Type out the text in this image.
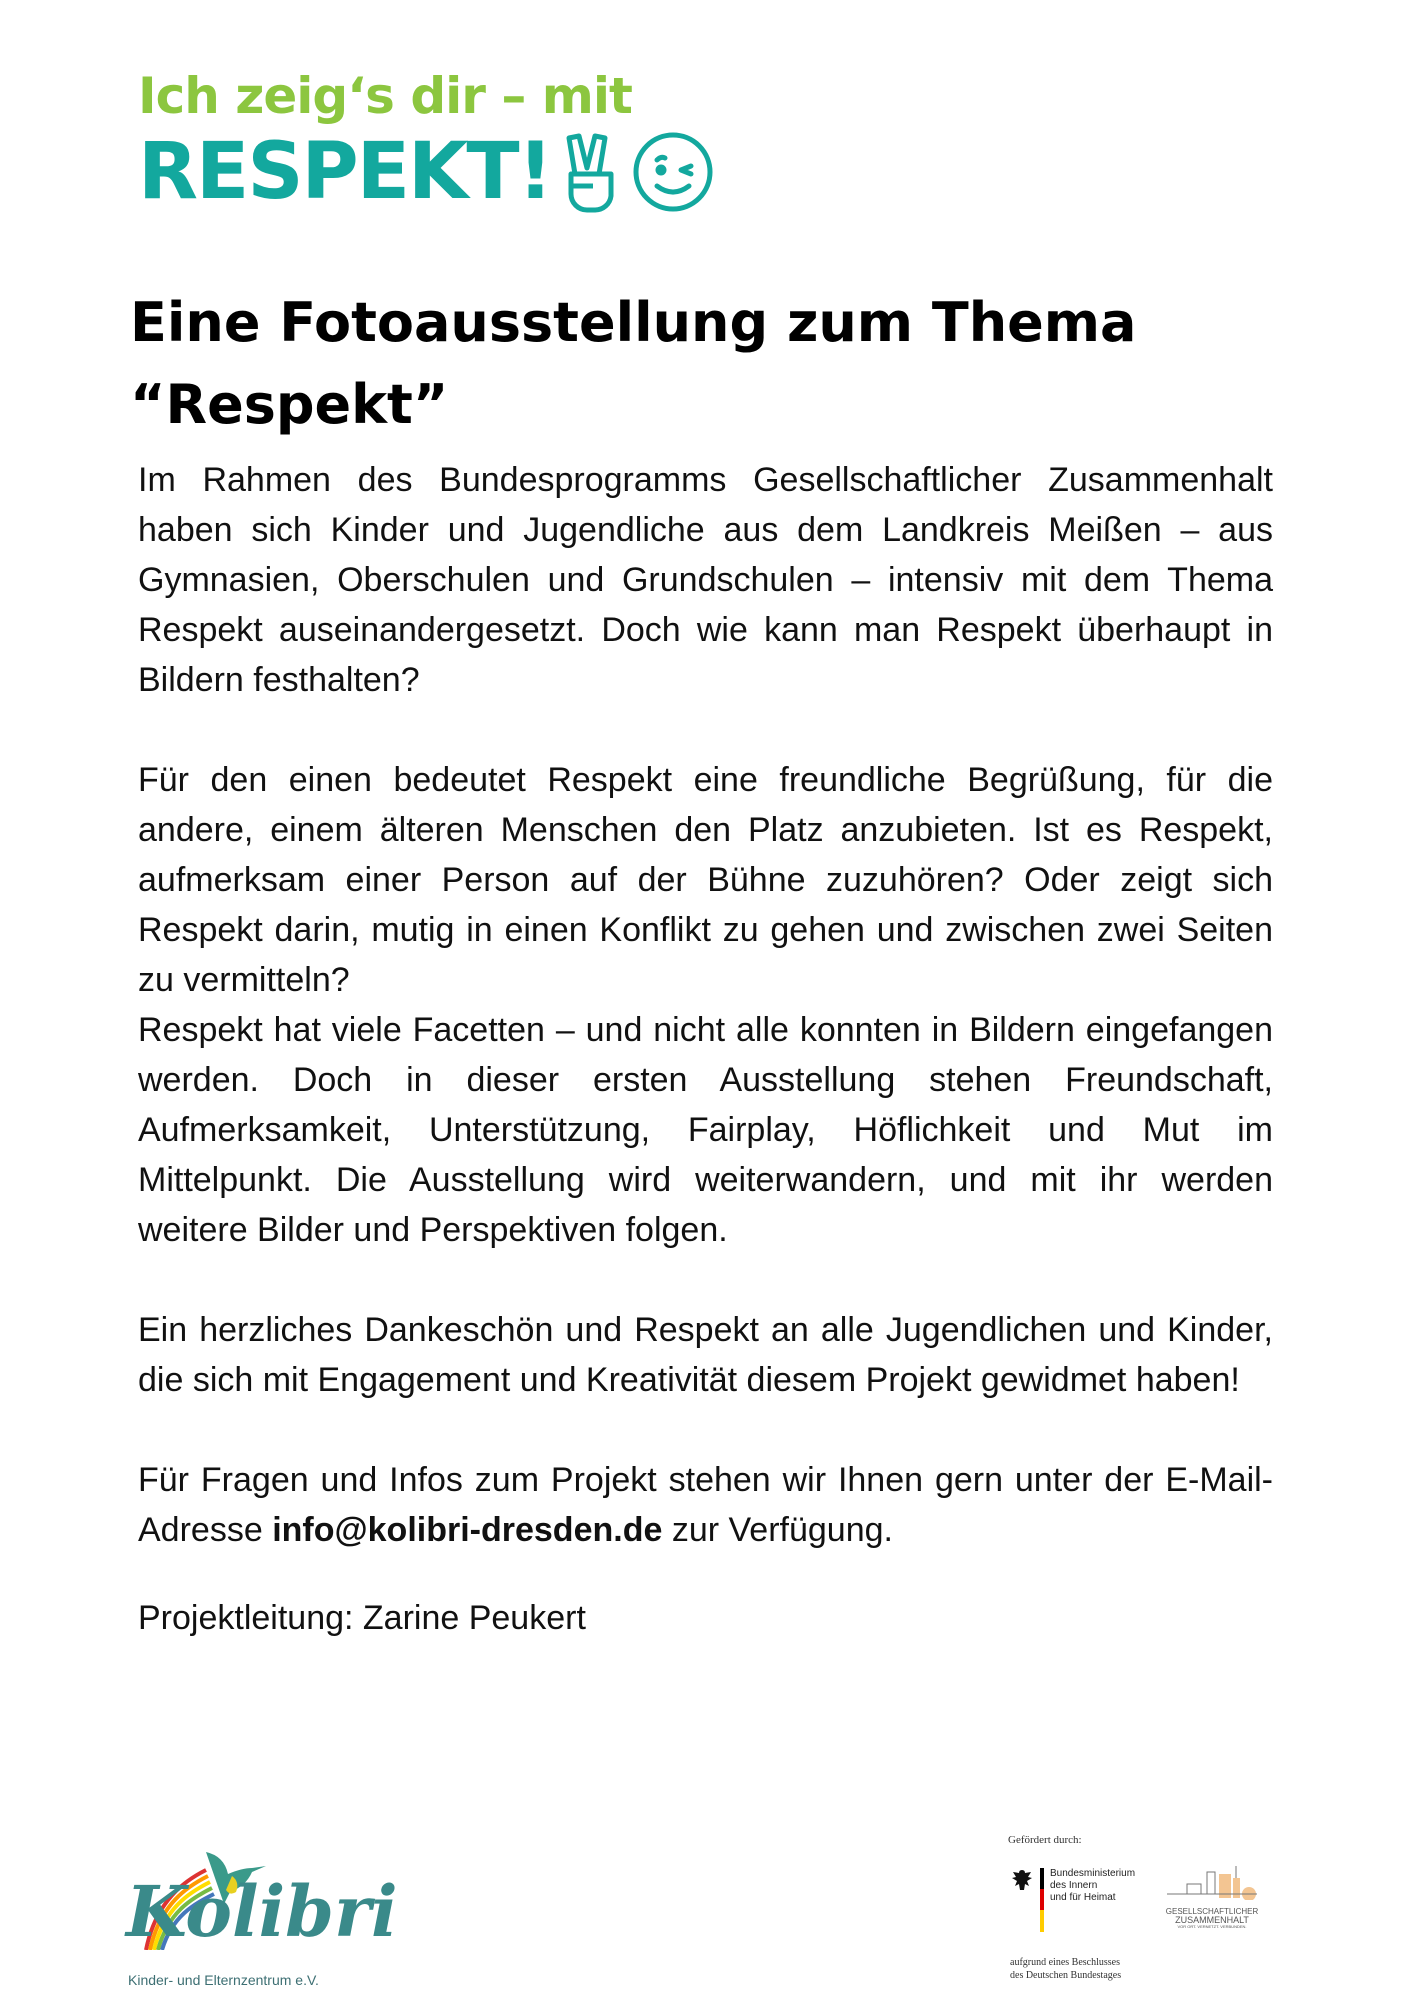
Ich zeig‘s dir – mit
RESPEKT!
Eine Fotoausstellung zum Thema
“Respekt”

Im Rahmen des Bundesprogramms Gesellschaftlicher Zusammenhalt haben sich Kinder und Jugendliche aus dem Landkreis Meißen – aus Gymnasien, Oberschulen und Grundschulen – intensiv mit dem Thema Respekt auseinandergesetzt. Doch wie kann man Respekt überhaupt in Bildern festhalten?

Für den einen bedeutet Respekt eine freundliche Begrüßung, für die andere, einem älteren Menschen den Platz anzubieten. Ist es Respekt, aufmerksam einer Person auf der Bühne zuzuhören? Oder zeigt sich Respekt darin, mutig in einen Konflikt zu gehen und zwischen zwei Seiten zu vermitteln?

Respekt hat viele Facetten – und nicht alle konnten in Bildern eingefangen werden. Doch in dieser ersten Ausstellung stehen Freundschaft, Aufmerksamkeit, Unterstützung, Fairplay, Höflichkeit und Mut im Mittelpunkt. Die Ausstellung wird weiterwandern, und mit ihr werden weitere Bilder und Perspektiven folgen.

Ein herzliches Dankeschön und Respekt an alle Jugendlichen und Kinder, die sich mit Engagement und Kreativität diesem Projekt gewidmet haben!

Für Fragen und Infos zum Projekt stehen wir Ihnen gern unter der E-Mail-Adresse info@kolibri-dresden.de zur Verfügung.

Projektleitung: Zarine Peukert

Kolibri
Kinder- und Elternzentrum e.V.
Gefördert durch:
Bundesministerium
des Innern
und für Heimat
GESELLSCHAFTLICHER
ZUSAMMENHALT
VOR ORT. VERNETZT. VERBUNDEN.
aufgrund eines Beschlusses
des Deutschen Bundestages
